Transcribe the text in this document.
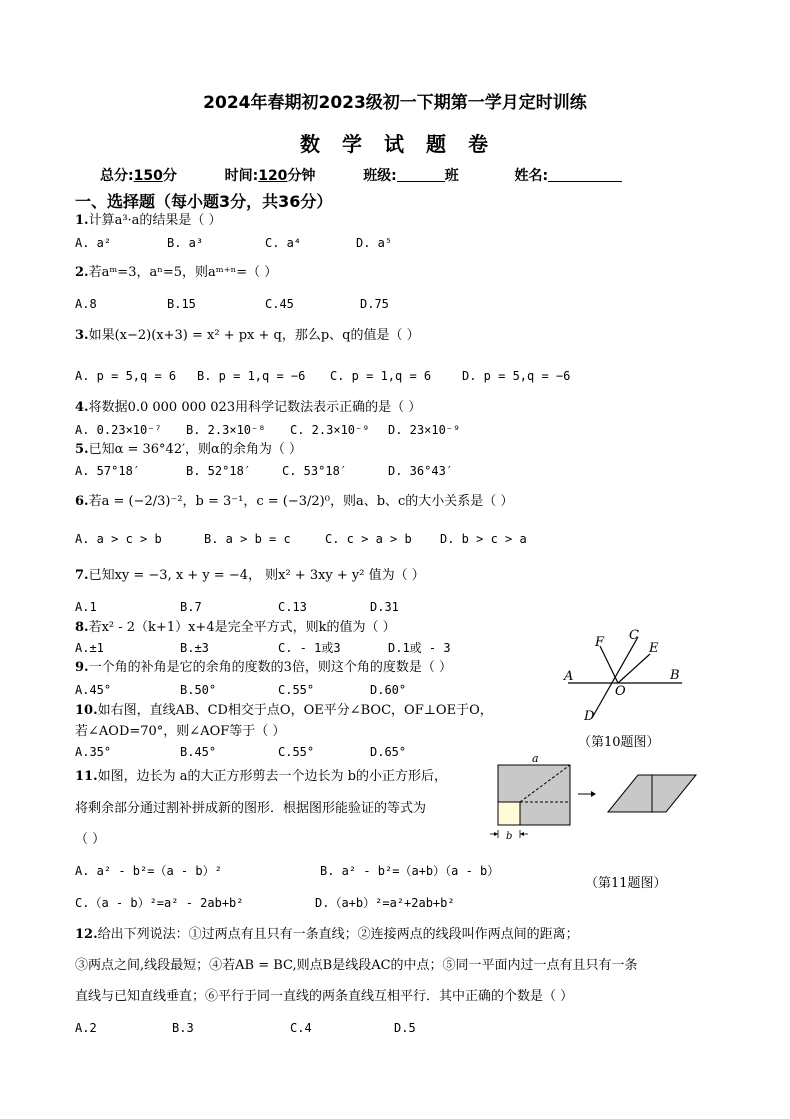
2024年春期初2023级初一下期第一学月定时训练
数学试题卷
总分:150分	时间:120分钟	班级:	班	姓名:
一、选择题（每小题3分，共36分）
1.计算a³·a的结果是（ ）
A. a²	B. a³	C. a⁴	D. a⁵
2.若aᵐ=3，aⁿ=5，则aᵐ⁺ⁿ=（ ）
A.8	B.15	C.45	D.75
3.如果(x−2)(x+3) = x² + px + q，那么p、q的值是（ ）
A. p = 5,q = 6 B. p = 1,q = −6 C. p = 1,q = 6	D. p = 5,q = −6
4.将数据0.0 000 000 023用科学记数法表示正确的是（ ）
A. 0.23×10⁻⁷ B. 2.3×10⁻⁸ C. 2.3×10⁻⁹ D. 23×10⁻⁹
5.已知α = 36°42′，则α的余角为（ ）
A. 57°18′	B. 52°18′	C. 53°18′	D. 36°43′
6.若a = (−2/3)⁻²，b = 3⁻¹，c = (−3/2)⁰，则a、b、c的大小关系是（ ）
A. a > c > b	B. a > b = c	C. c > a > b D. b > c > a
7.已知xy = −3, x + y = −4， 则x² + 3xy + y² 值为（ ）
A.1	B.7	C.13	D.31
8.若x² - 2（k+1）x+4是完全平方式，则k的值为（ ）
A.±1	B.±3	C. - 1或3	D.1或 - 3
9.一个角的补角是它的余角的度数的3倍，则这个角的度数是（ ）
A.45°	B.50°	C.55°	D.60°
10.如右图，直线AB、CD相交于点O，OE平分∠BOC，OF⊥OE于O，
若∠AOD=70°，则∠AOF等于（ ）
A.35°	B.45°	C.55°	D.65°
F C
E
A
O
B
D
（第10题图）
11.如图，边长为 a的大正方形剪去一个边长为 b的小正方形后，
将剩余部分通过割补拼成新的图形．根据图形能验证的等式为
（ ）
A. a² - b²=（a - b）²	B. a² - b²=（a+b）（a - b）
C.（a - b）²=a² - 2ab+b²	D.（a+b）²=a²+2ab+b²
a
b
（第11题图）
12.给出下列说法：①过两点有且只有一条直线；②连接两点的线段叫作两点间的距离；
③两点之间,线段最短；④若AB = BC,则点B是线段AC的中点；⑤同一平面内过一点有且只有一条
直线与已知直线垂直；⑥平行于同一直线的两条直线互相平行．其中正确的个数是（ ）
A.2	B.3	C.4	D.5
